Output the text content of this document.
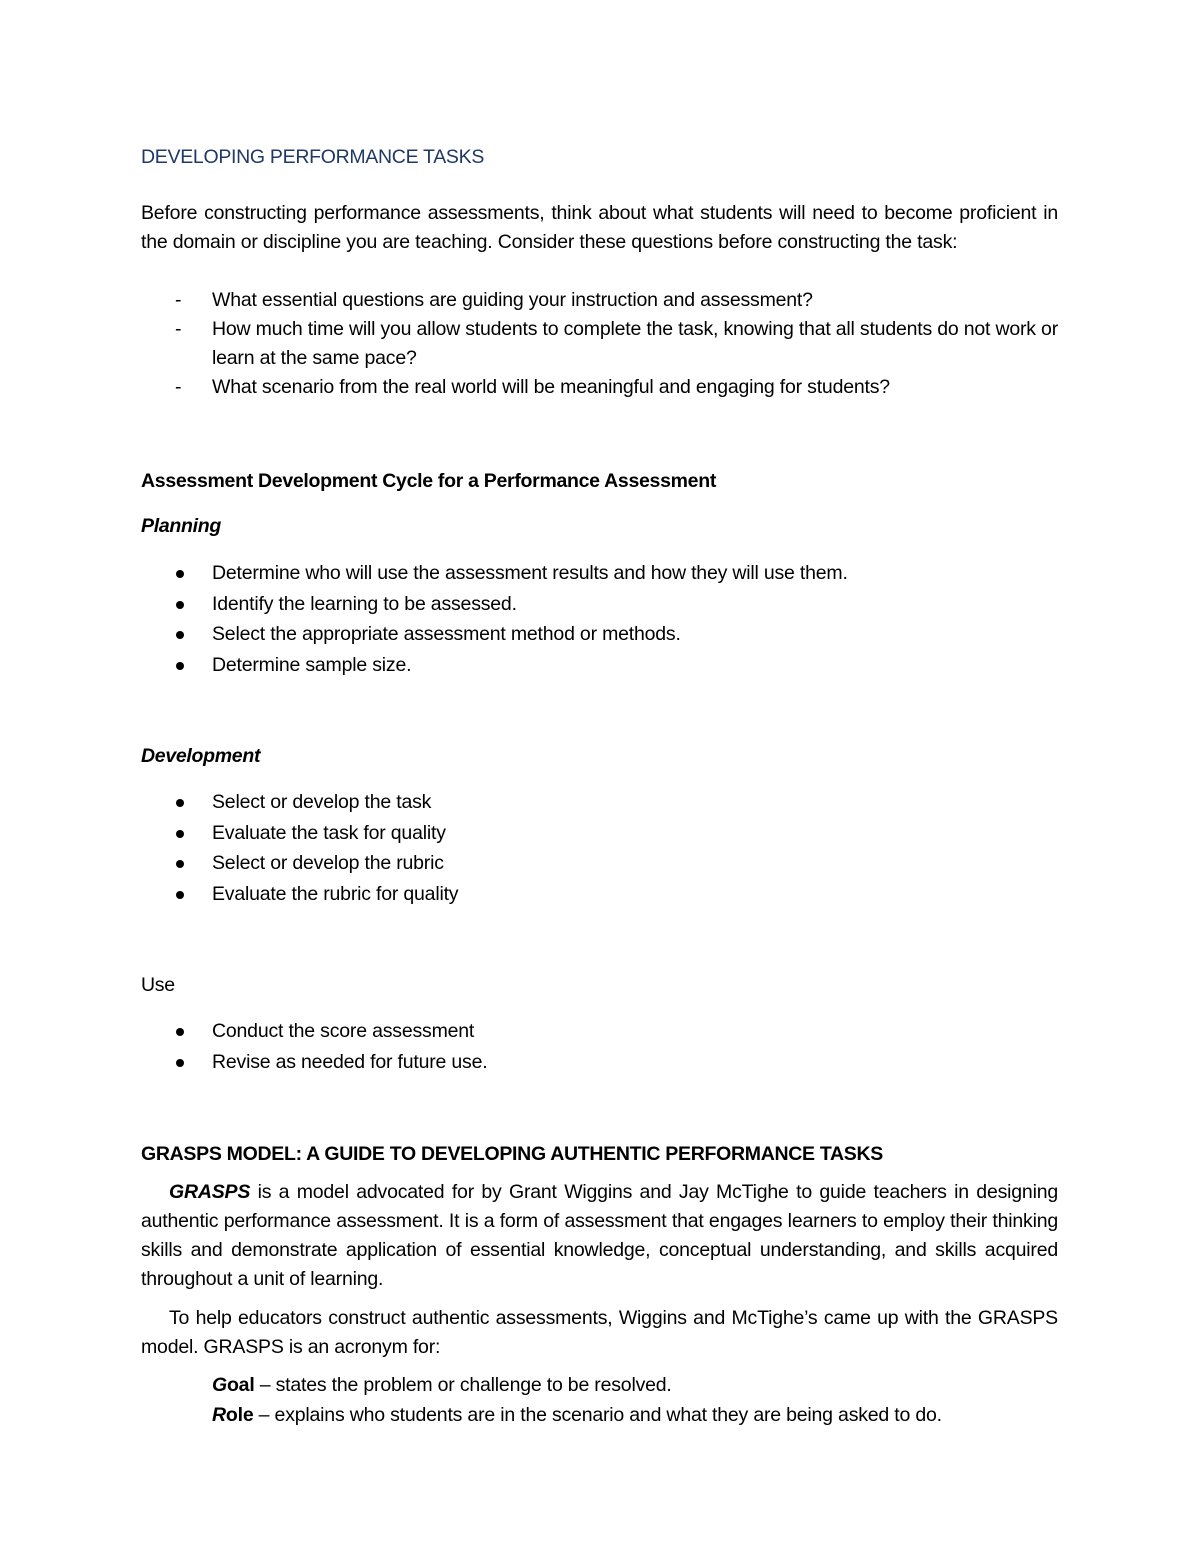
DEVELOPING PERFORMANCE TASKS

Before constructing performance assessments, think about what students will need to become proficient in the domain or discipline you are teaching. Consider these questions before constructing the task:

- What essential questions are guiding your instruction and assessment?
- How much time will you allow students to complete the task, knowing that all students do not work or learn at the same pace?
- What scenario from the real world will be meaningful and engaging for students?

Assessment Development Cycle for a Performance Assessment

Planning

Determine who will use the assessment results and how they will use them.
Identify the learning to be assessed.
Select the appropriate assessment method or methods.
Determine sample size.

Development

Select or develop the task
Evaluate the task for quality
Select or develop the rubric
Evaluate the rubric for quality

Use

Conduct the score assessment
Revise as needed for future use.

GRASPS MODEL: A GUIDE TO DEVELOPING AUTHENTIC PERFORMANCE TASKS

GRASPS is a model advocated for by Grant Wiggins and Jay McTighe to guide teachers in designing authentic performance assessment. It is a form of assessment that engages learners to employ their thinking skills and demonstrate application of essential knowledge, conceptual understanding, and skills acquired throughout a unit of learning.

To help educators construct authentic assessments, Wiggins and McTighe’s came up with the GRASPS model. GRASPS is an acronym for:

Goal – states the problem or challenge to be resolved.

Role – explains who students are in the scenario and what they are being asked to do.
